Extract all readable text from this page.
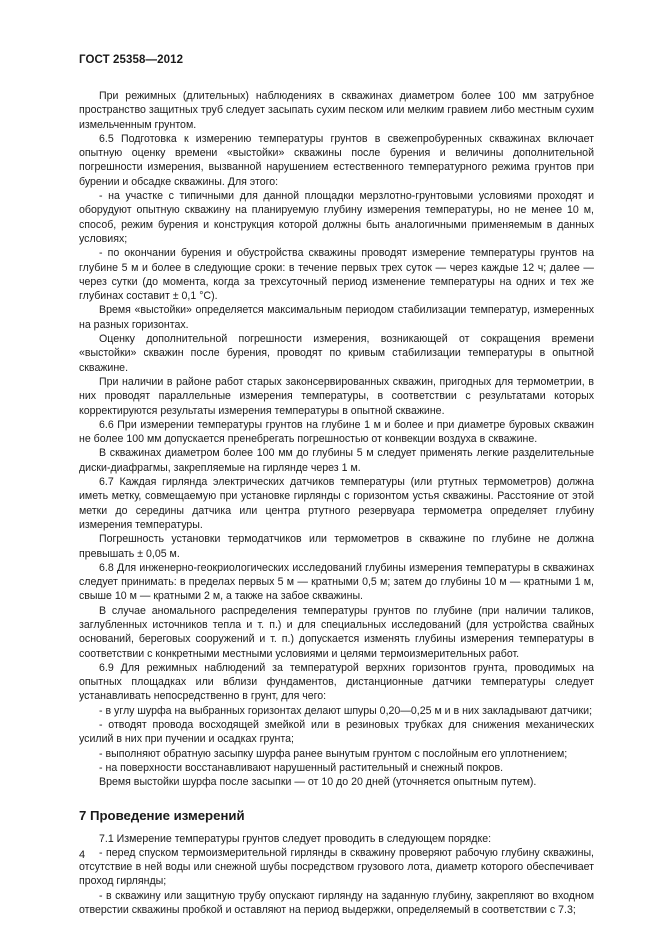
ГОСТ 25358—2012

При режимных (длительных) наблюдениях в скважинах диаметром более 100 мм затрубное пространство защитных труб следует засыпать сухим песком или мелким гравием либо местным сухим измельченным грунтом.

6.5 Подготовка к измерению температуры грунтов в свежепробуренных скважинах включает опытную оценку времени «выстойки» скважины после бурения и величины дополнительной погрешности измерения, вызванной нарушением естественного температурного режима грунтов при бурении и обсадке скважины. Для этого:

- на участке с типичными для данной площадки мерзлотно-грунтовыми условиями проходят и оборудуют опытную скважину на планируемую глубину измерения температуры, но не менее 10 м, способ, режим бурения и конструкция которой должны быть аналогичными применяемым в данных условиях;

- по окончании бурения и обустройства скважины проводят измерение температуры грунтов на глубине 5 м и более в следующие сроки: в течение первых трех суток — через каждые 12 ч; далее — через сутки (до момента, когда за трехсуточный период изменение температуры на одних и тех же глубинах составит ± 0,1 °С).

Время «выстойки» определяется максимальным периодом стабилизации температур, измеренных на разных горизонтах.

Оценку дополнительной погрешности измерения, возникающей от сокращения времени «выстойки» скважин после бурения, проводят по кривым стабилизации температуры в опытной скважине.

При наличии в районе работ старых законсервированных скважин, пригодных для термометрии, в них проводят параллельные измерения температуры, в соответствии с результатами которых корректируются результаты измерения температуры в опытной скважине.

6.6 При измерении температуры грунтов на глубине 1 м и более и при диаметре буровых скважин не более 100 мм допускается пренебрегать погрешностью от конвекции воздуха в скважине.

В скважинах диаметром более 100 мм до глубины 5 м следует применять легкие разделительные диски-диафрагмы, закрепляемые на гирлянде через 1 м.

6.7 Каждая гирлянда электрических датчиков температуры (или ртутных термометров) должна иметь метку, совмещаемую при установке гирлянды с горизонтом устья скважины. Расстояние от этой метки до середины датчика или центра ртутного резервуара термометра определяет глубину измерения температуры.

Погрешность установки термодатчиков или термометров в скважине по глубине не должна превышать ± 0,05 м.

6.8 Для инженерно-геокриологических исследований глубины измерения температуры в скважинах следует принимать: в пределах первых 5 м — кратными 0,5 м; затем до глубины 10 м — кратными 1 м, свыше 10 м — кратными 2 м, а также на забое скважины.

В случае аномального распределения температуры грунтов по глубине (при наличии таликов, заглубленных источников тепла и т. п.) и для специальных исследований (для устройства свайных оснований, береговых сооружений и т. п.) допускается изменять глубины измерения температуры в соответствии с конкретными местными условиями и целями термоизмерительных работ.

6.9 Для режимных наблюдений за температурой верхних горизонтов грунта, проводимых на опытных площадках или вблизи фундаментов, дистанционные датчики температуры следует устанавливать непосредственно в грунт, для чего:

- в углу шурфа на выбранных горизонтах делают шпуры 0,20—0,25 м и в них закладывают датчики;

- отводят провода восходящей змейкой или в резиновых трубках для снижения механических усилий в них при пучении и осадках грунта;

- выполняют обратную засыпку шурфа ранее вынутым грунтом с послойным его уплотнением;

- на поверхности восстанавливают нарушенный растительный и снежный покров.

Время выстойки шурфа после засыпки — от 10 до 20 дней (уточняется опытным путем).

7 Проведение измерений

7.1 Измерение температуры грунтов следует проводить в следующем порядке:

- перед спуском термоизмерительной гирлянды в скважину проверяют рабочую глубину скважины, отсутствие в ней воды или снежной шубы посредством грузового лота, диаметр которого обеспечивает проход гирлянды;

- в скважину или защитную трубу опускают гирлянду на заданную глубину, закрепляют во входном отверстии скважины пробкой и оставляют на период выдержки, определяемый в соответствии с 7.3;

4
